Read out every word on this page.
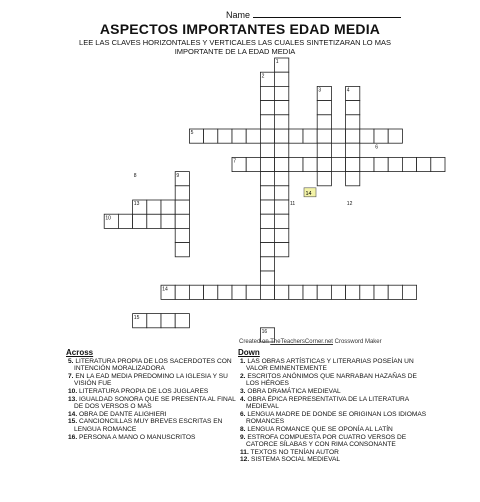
Name
ASPECTOS IMPORTANTES EDAD MEDIA
LEE LAS CLAVES HORIZONTALES Y VERTICALES LAS CUALES SINTETIZARAN LO MAS IMPORTANTE DE LA EDAD MEDIA
1
2
3	4
5
6
7
8	9
10
11	12
13
14
15
16
14
Created on TheTeachersCorner.net Crossword Maker
Across
5. LITERATURA PROPIA DE LOS SACERDOTES CON INTENCIÓN MORALIZADORA
7. EN LA EAD MEDIA PREDOMINO LA IGLESIA Y SU VISIÓN FUE
10. LITERATURA PROPIA DE LOS JUGLARES
13. IGUALDAD SONORA QUE SE PRESENTA AL FINAL DE DOS VERSOS O MAS
14. OBRA DE DANTE ALIGHIERI
15. CANCIONCILLAS MUY BREVES ESCRITAS EN LENGUA ROMANCE
16. PERSONA A MANO O MANUSCRITOS
Down
1. LAS OBRAS ARTÍSTICAS Y LITERARIAS POSEÍAN UN VALOR EMINENTEMENTE
2. ESCRITOS ANÓNIMOS QUE NARRABAN HAZAÑAS DE LOS HÉROES
3. OBRA DRAMÁTICA MEDIEVAL
4. OBRA ÉPICA REPRESENTATIVA DE LA LITERATURA MEDIEVAL
6. LENGUA MADRE DE DONDE SE ORIGINAN LOS IDIOMAS ROMANCES
8. LENGUA ROMANCE QUE SE OPONÍA AL LATÍN
9. ESTROFA COMPUESTA POR CUATRO VERSOS DE CATORCE SÍLABAS Y CON RIMA CONSONANTE
11. TEXTOS NO TENÍAN AUTOR
12. SISTEMA SOCIAL MEDIEVAL
